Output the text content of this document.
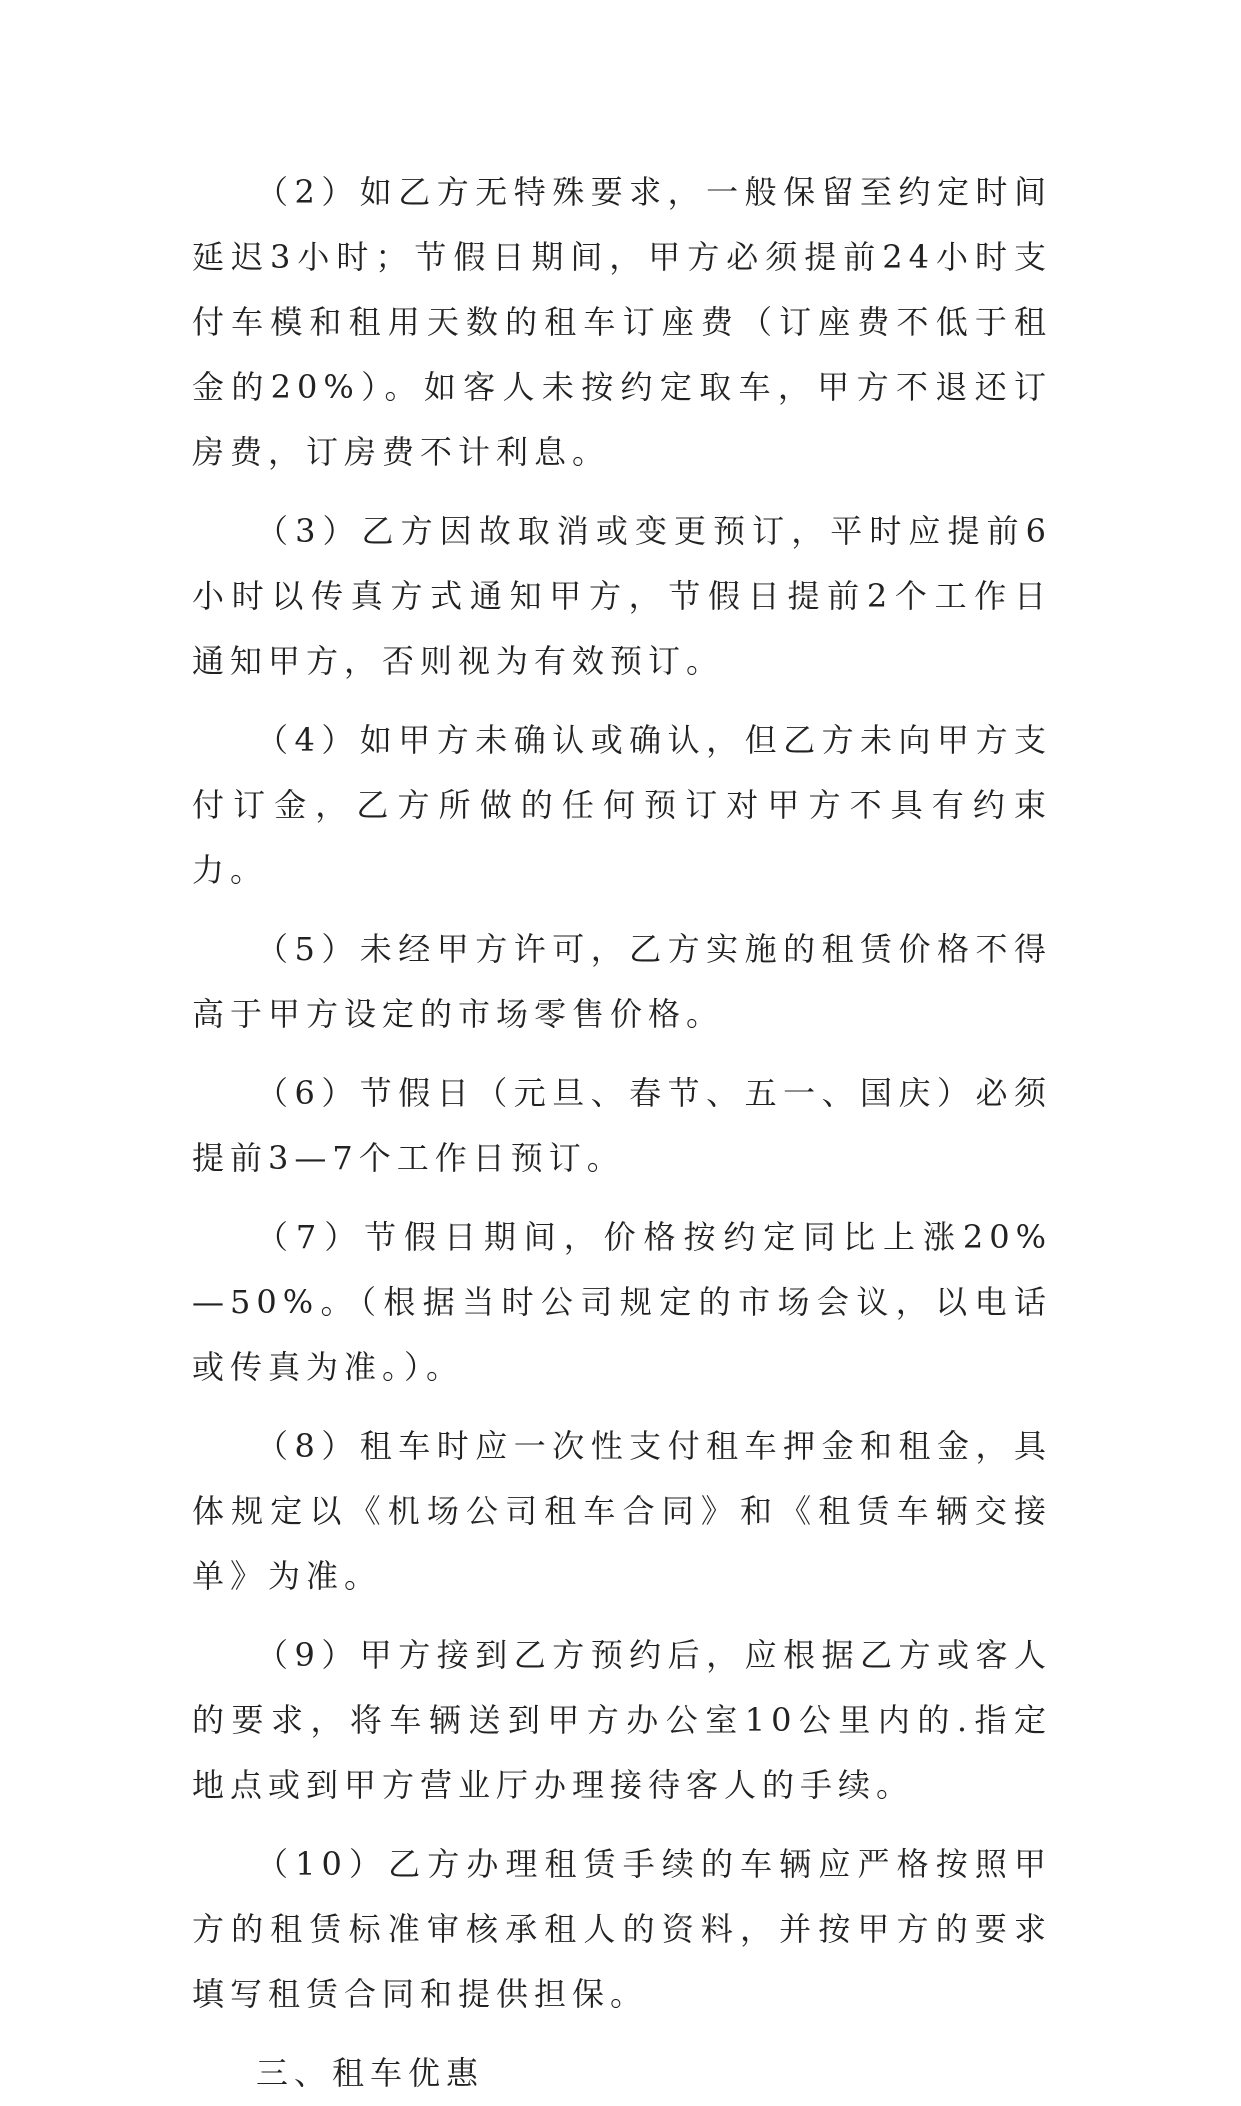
（2）如乙方无特殊要求，一般保留至约定时间延迟3小时；节假日期间，甲方必须提前24小时支付车模和租用天数的租车订座费（订座费不低于租金的20%）。如客人未按约定取车，甲方不退还订房费，订房费不计利息。

（3）乙方因故取消或变更预订，平时应提前6小时以传真方式通知甲方，节假日提前2个工作日通知甲方，否则视为有效预订。

（4）如甲方未确认或确认，但乙方未向甲方支付订金，乙方所做的任何预订对甲方不具有约束力。

（5）未经甲方许可，乙方实施的租赁价格不得高于甲方设定的市场零售价格。

（6）节假日（元旦、春节、五一、国庆）必须提前3—7个工作日预订。

（7）节假日期间，价格按约定同比上涨20%—50%。（根据当时公司规定的市场会议，以电话或传真为准。）。

（8）租车时应一次性支付租车押金和租金，具体规定以《机场公司租车合同》和《租赁车辆交接单》为准。

（9）甲方接到乙方预约后，应根据乙方或客人的要求，将车辆送到甲方办公室10公里内的.指定地点或到甲方营业厅办理接待客人的手续。

（10）乙方办理租赁手续的车辆应严格按照甲方的租赁标准审核承租人的资料，并按甲方的要求填写租赁合同和提供担保。

三、租车优惠
